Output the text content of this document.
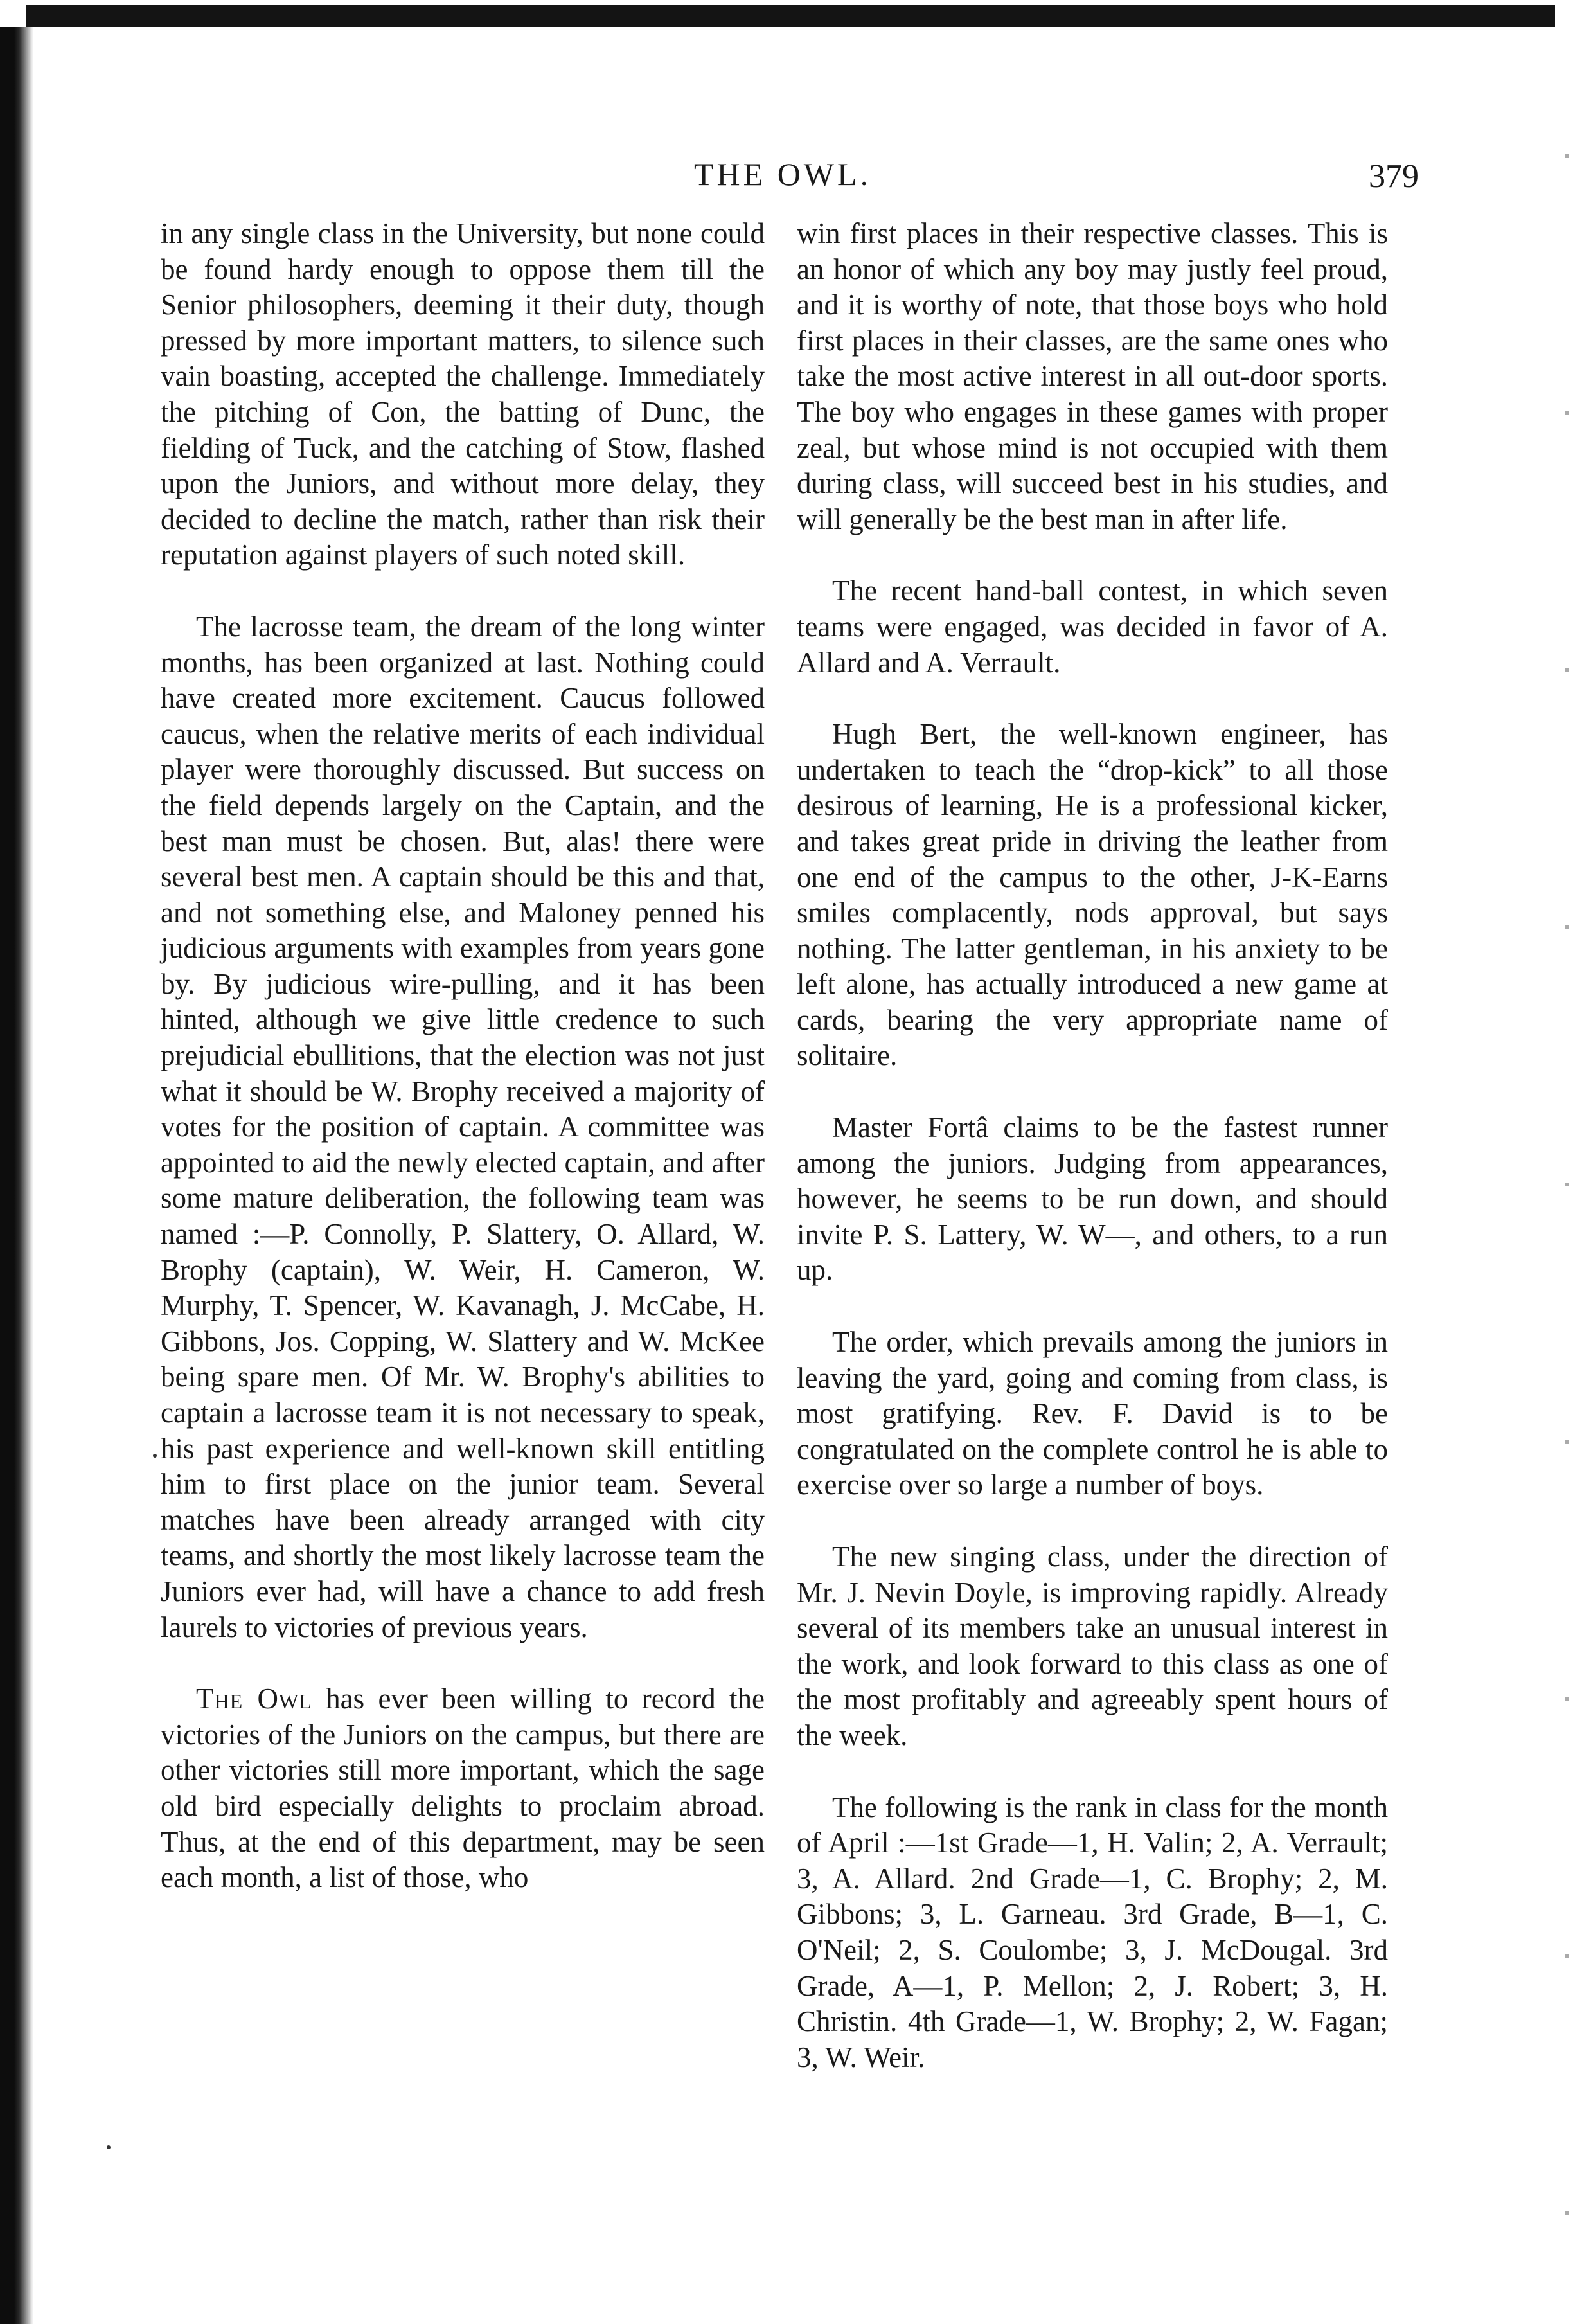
THE OWL.	379

in any single class in the University, but none could be found hardy enough to oppose them till the Senior philosophers, deeming it their duty, though pressed by more important matters, to silence such vain boasting, accepted the challenge. Immediately the pitching of Con, the batting of Dunc, the fielding of Tuck, and the catching of Stow, flashed upon the Juniors, and without more delay, they decided to decline the match, rather than risk their reputation against players of such noted skill.

The lacrosse team, the dream of the long winter months, has been organized at last. Nothing could have created more excitement. Caucus followed caucus, when the relative merits of each individual player were thoroughly discussed. But success on the field depends largely on the Captain, and the best man must be chosen. But, alas! there were several best men. A captain should be this and that, and not something else, and Maloney penned his judicious arguments with examples from years gone by. By judicious wire-pulling, and it has been hinted, although we give little credence to such prejudicial ebullitions, that the election was not just what it should be W. Brophy received a majority of votes for the position of captain. A committee was appointed to aid the newly elected captain, and after some mature deliberation, the following team was named :—P. Connolly, P. Slattery, O. Allard, W. Brophy (captain), W. Weir, H. Cameron, W. Murphy, T. Spencer, W. Kavanagh, J. McCabe, H. Gibbons, Jos. Copping, W. Slattery and W. McKee being spare men. Of Mr. W. Brophy's abilities to captain a lacrosse team it is not necessary to speak, his past experience and well-known skill entitling him to first place on the junior team. Several matches have been already arranged with city teams, and shortly the most likely lacrosse team the Juniors ever had, will have a chance to add fresh laurels to victories of previous years.

The Owl has ever been willing to record the victories of the Juniors on the campus, but there are other victories still more important, which the sage old bird especially delights to proclaim abroad. Thus, at the end of this department, may be seen each month, a list of those, who

win first places in their respective classes. This is an honor of which any boy may justly feel proud, and it is worthy of note, that those boys who hold first places in their classes, are the same ones who take the most active interest in all out-door sports. The boy who engages in these games with proper zeal, but whose mind is not occupied with them during class, will succeed best in his studies, and will generally be the best man in after life.

The recent hand-ball contest, in which seven teams were engaged, was decided in favor of A. Allard and A. Verrault.

Hugh Bert, the well-known engineer, has undertaken to teach the “drop-kick” to all those desirous of learning, He is a professional kicker, and takes great pride in driving the leather from one end of the campus to the other, J-K-Earns smiles complacently, nods approval, but says nothing. The latter gentleman, in his anxiety to be left alone, has actually introduced a new game at cards, bearing the very appropriate name of solitaire.

Master Fortâ claims to be the fastest runner among the juniors. Judging from appearances, however, he seems to be run down, and should invite P. S. Lattery, W. W—, and others, to a run up.

The order, which prevails among the juniors in leaving the yard, going and coming from class, is most gratifying. Rev. F. David is to be congratulated on the complete control he is able to exercise over so large a number of boys.

The new singing class, under the direction of Mr. J. Nevin Doyle, is improving rapidly. Already several of its members take an unusual interest in the work, and look forward to this class as one of the most profitably and agreeably spent hours of the week.

The following is the rank in class for the month of April :—1st Grade—1, H. Valin; 2, A. Verrault; 3, A. Allard. 2nd Grade—1, C. Brophy; 2, M. Gibbons; 3, L. Garneau. 3rd Grade, B—1, C. O'Neil; 2, S. Coulombe; 3, J. McDougal. 3rd Grade, A—1, P. Mellon; 2, J. Robert; 3, H. Christin. 4th Grade—1, W. Brophy; 2, W. Fagan; 3, W. Weir.
